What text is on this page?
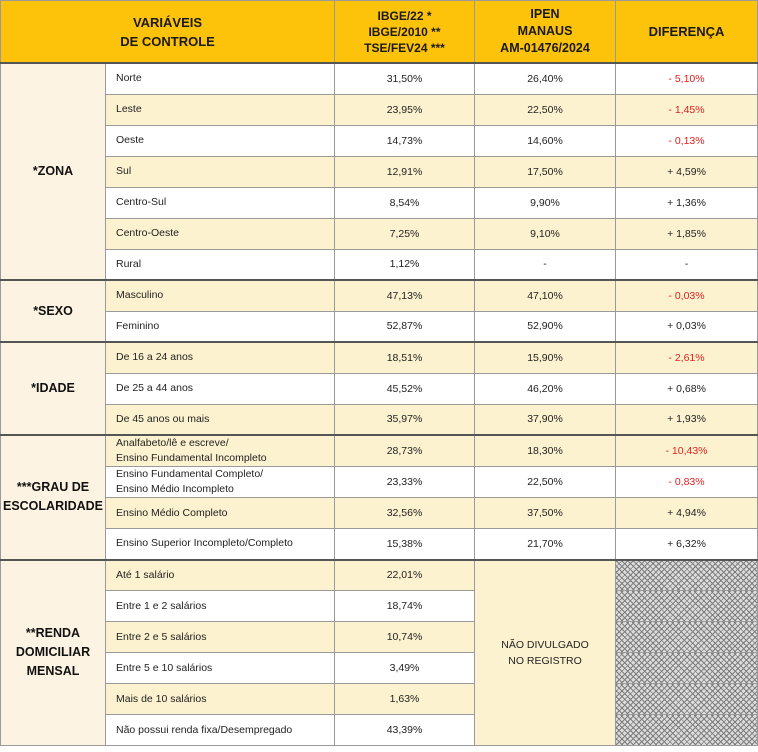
VARIÁVEIS
DE CONTROLE		IBGE/22 *
IBGE/2010 **
TSE/FEV24 ***	IPEN
MANAUS
AM-01476/2024	DIFERENÇA
*ZONA	Norte	31,50%	26,40%	- 5,10%
	Leste	23,95%	22,50%	- 1,45%
	Oeste	14,73%	14,60%	- 0,13%
	Sul	12,91%	17,50%	+ 4,59%
	Centro-Sul	8,54%	9,90%	+ 1,36%
	Centro-Oeste	7,25%	9,10%	+ 1,85%
	Rural	1,12%	-	-
*SEXO	Masculino	47,13%	47,10%	- 0,03%
	Feminino	52,87%	52,90%	+ 0,03%
*IDADE	De 16 a 24 anos	18,51%	15,90%	- 2,61%
	De 25 a 44 anos	45,52%	46,20%	+ 0,68%
	De 45 anos ou mais	35,97%	37,90%	+ 1,93%
***GRAU DE
ESCOLARIDADE	Analfabeto/lê e escreve/
Ensino Fundamental Incompleto	28,73%	18,30%	- 10,43%
	Ensino Fundamental Completo/
Ensino Médio Incompleto	23,33%	22,50%	- 0,83%
	Ensino Médio Completo	32,56%	37,50%	+ 4,94%
	Ensino Superior Incompleto/Completo	15,38%	21,70%	+ 6,32%
**RENDA
DOMICILIAR
MENSAL	Até 1 salário	22,01%	NÃO DIVULGADO
NO REGISTRO	
	Entre 1 e 2 salários	18,74%		
	Entre 2 e 5 salários	10,74%		
	Entre 5 e 10 salários	3,49%		
	Mais de 10 salários	1,63%		
	Não possui renda fixa/Desempregado	43,39%		
